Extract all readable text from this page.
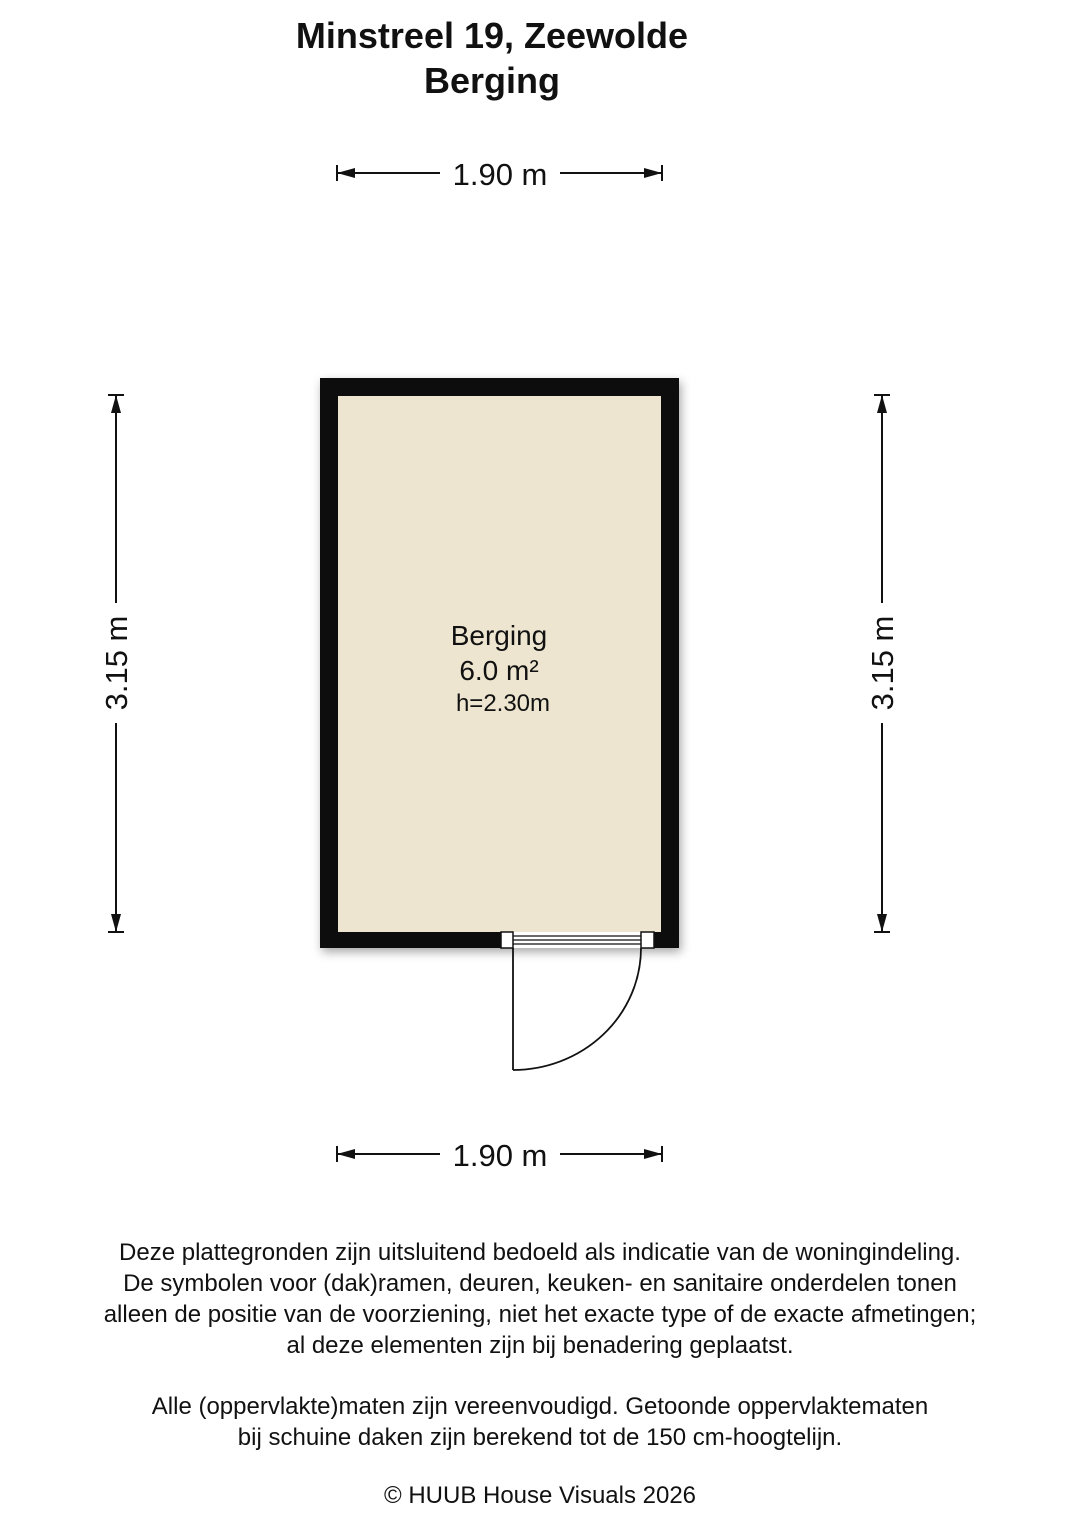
Minstreel 19, Zeewolde
Berging
1.90 m
3.15 m	3.15 m
Berging
6.0 m²
h=2.30m
1.90 m
Deze plattegronden zijn uitsluitend bedoeld als indicatie van de woningindeling.
De symbolen voor (dak)ramen, deuren, keuken- en sanitaire onderdelen tonen
alleen de positie van de voorziening, niet het exacte type of de exacte afmetingen;
al deze elementen zijn bij benadering geplaatst.
Alle (oppervlakte)maten zijn vereenvoudigd. Getoonde oppervlaktematen
bij schuine daken zijn berekend tot de 150 cm-hoogtelijn.
© HUUB House Visuals 2026
